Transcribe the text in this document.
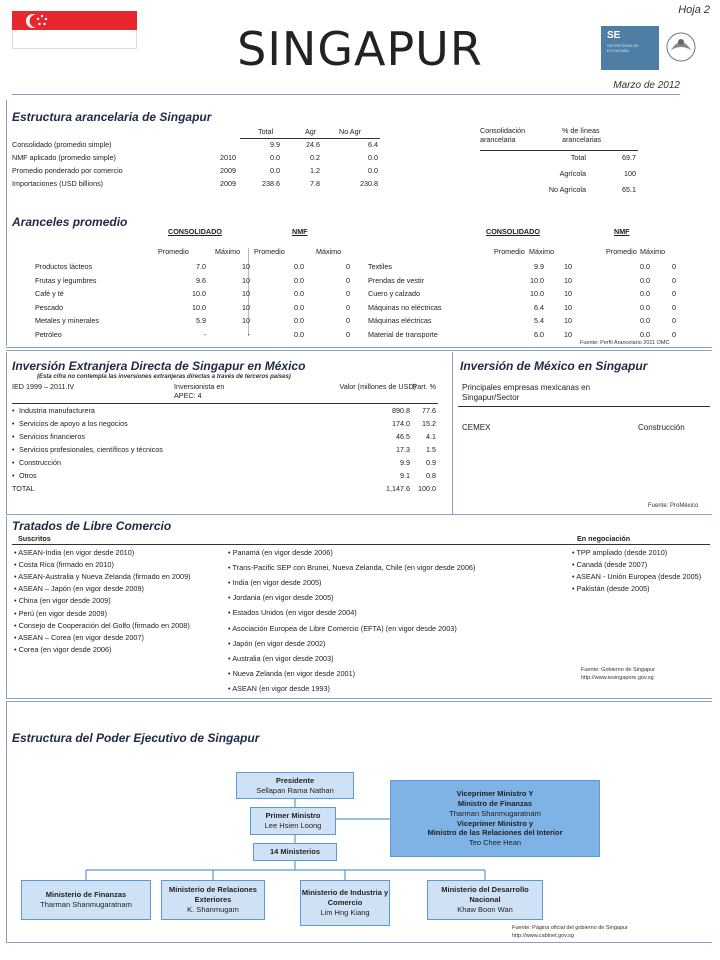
SINGAPUR
Hoja 2
SE
SECRETARÍA DE ECONOMÍA
Marzo de 2012
Estructura arancelaria de Singapur
Total	Agr	No Agr
Consolidado (promedio simple)	9.9	24.6	6.4
NMF aplicado (promedio simple)	2010	0.0	0.2	0.0
Promedio ponderado por comercio	2009	0.0	1.2	0.0
Importaciones (USD billions)	2009	238.6	7.8	230.8
Consolidación arancelaria
% de líneas arancelarias
Total	69.7
Agrícola	100
No Agrícola	65.1
Aranceles promedio
CONSOLIDADO	NMF
Promedio	Máximo Promedio	Máximo
Productos lácteos	7.0	10	0.0	0
Frutas y legumbres	9.6	10	0.0	0
Café y té	10.0	10	0.0	0
Pescado	10.0	10	0.0	0
Metales y minerales	5.9	10	0.0	0
Petróleo	-	-	0.0	0
CONSOLIDADO	NMF
Promedio Máximo	Promedio Máximo
Textiles	9.9	10	0.0	0
Prendas de vestir	10.0	10	0.0	0
Cuero y calzado	10.0	10	0.0	0
Máquinas no eléctricas	6.4	10	0.0	0
Máquinas eléctricas	5.4	10	0.0	0
Material de transporte	6.0	10	0.0	0
Fuente: Perfil Arancelario 2011 OMC
Inversión Extranjera Directa de Singapur en México
(Esta cifra no contempla las inversiones extranjeras directas a través de terceros países)
IED 1999 – 2011.IV	Inversionista en APEC: 4
Valor (millones de USD)
Part. %
• Industria manufacturera	890.8	77.6
• Servicios de apoyo a los negocios	174.0	15.2
• Servicios financieros	46.5	4.1
• Servicios profesionales, científicos y técnicos	17.3	1.5
• Construcción	9.9	0.9
• Otros	9.1	0.8
TOTAL	1,147.6	100.0
Inversión de México en Singapur
Principales empresas mexicanas en Singapur/Sector
CEMEX	Construcción
Fuente: ProMéxico
Tratados de Libre Comercio
Suscritos	En negociación
• ASEAN-India (en vigor desde 2010)
• Costa Rica (firmado en 2010)
• ASEAN-Australia y Nueva Zelanda (firmado en 2009)
• ASEAN – Japón (en vigor desde 2009)
• China (en vigor desde 2009)
• Perú (en vigor desde 2009)
• Consejo de Cooperación del Golfo (firmado en 2008)
• ASEAN – Corea (en vigor desde 2007)
• Corea (en vigor desde 2006)
• Panamá (en vigor desde 2006)
• Trans-Pacific SEP con Brunei, Nueva Zelanda, Chile (en vigor desde 2006)
• India (en vigor desde 2005)
• Jordania (en vigor desde 2005)
• Estados Unidos (en vigor desde 2004)
• Asociación Europea de Libre Comercio (EFTA) (en vigor desde 2003)
• Japón (en vigor desde 2002)
• Australia (en vigor desde 2003)
• Nueva Zelanda (en vigor desde 2001)
• ASEAN (en vigor desde 1993)
• TPP ampliado (desde 2010)
• Canadá (desde 2007)
• ASEAN - Unión Europea (desde 2005)
• Pakistán (desde 2005)
Fuente: Gobierno de Singapur
http://www.iesingapore.gov.sg
Estructura del Poder Ejecutivo de Singapur
Presidente
Sellapan Rama Nathan
Primer Ministro
Lee Hsien Loong
14 Ministerios
Viceprimer Ministro Y
Ministro de Finanzas
Tharman Shanmugaratnam
Viceprimer Ministro y
Ministro de las Relaciones del Interior
Teo Chee Hean
Ministerio de Finanzas
Tharman Shanmugaratnam
Ministerio de Relaciones Exteriores
K. Shanmugam
Ministerio de Industria y Comercio
Lim Hng Kiang
Ministerio del Desarrollo Nacional
Khaw Boon Wan
Fuente: Página oficial del gobierno de Singapur
http://www.cabinet.gov.sg
